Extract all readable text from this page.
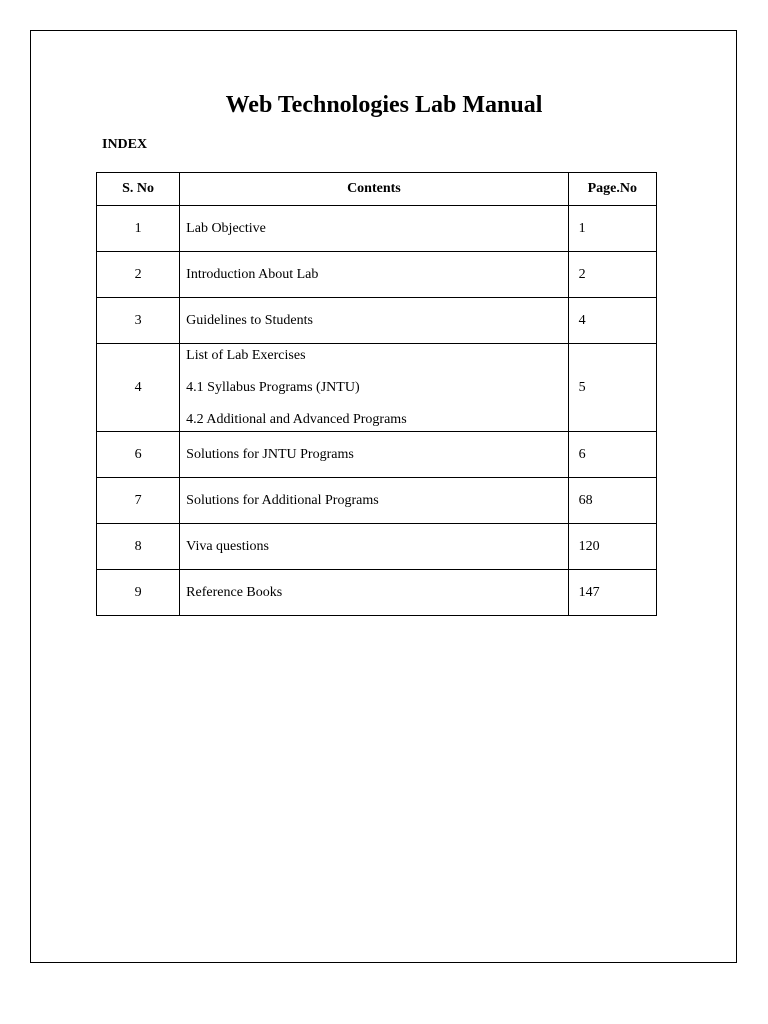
Web Technologies Lab Manual
INDEX
S. No	Contents	Page.No
1	Lab Objective	1
2	Introduction About Lab	2
3	Guidelines to Students	4
4	List of Lab Exercises
4.1 Syllabus Programs (JNTU)
4.2 Additional and Advanced Programs	5
6	Solutions for JNTU Programs	6
7	Solutions for Additional Programs	68
8	Viva questions	120
9	Reference Books	147
